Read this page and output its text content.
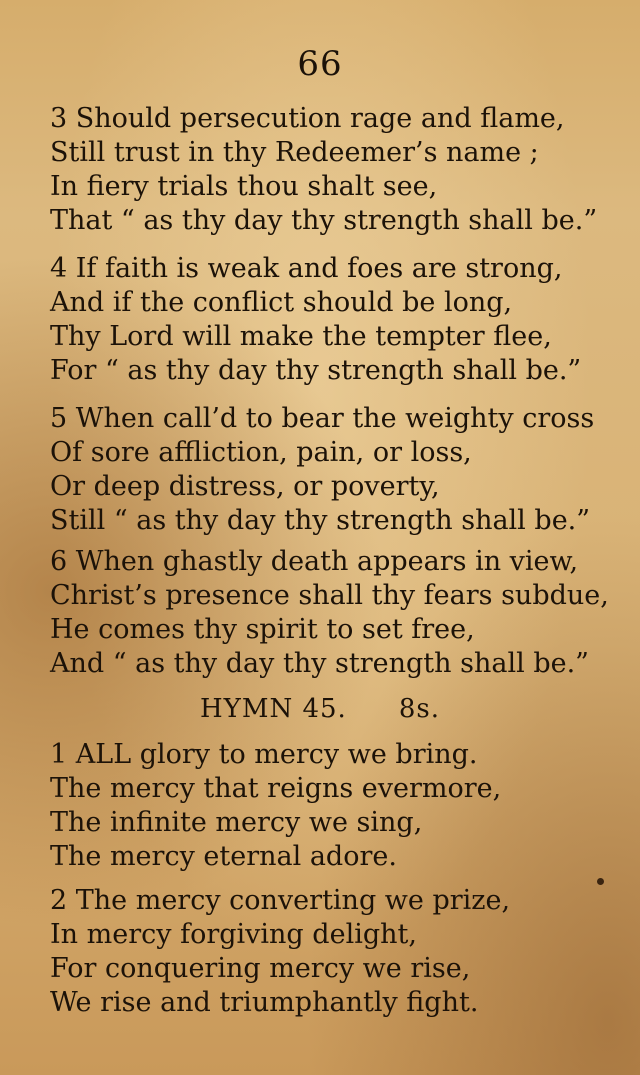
66
3 Should persecution rage and flame,
Still trust in thy Redeemer’s name ;
In fiery trials thou shalt see,
That “ as thy day thy strength shall be.”
4 If faith is weak and foes are strong,
And if the conflict should be long,
Thy Lord will make the tempter flee,
For “ as thy day thy strength shall be.”
5 When call’d to bear the weighty cross
Of sore affliction, pain, or loss,
Or deep distress, or poverty,
Still “ as thy day thy strength shall be.”
6 When ghastly death appears in view,
Christ’s presence shall thy fears subdue,
He comes thy spirit to set free,
And “ as thy day thy strength shall be.”
HYMN 45. 8s.
1 ALL glory to mercy we bring.
The mercy that reigns evermore,
The infinite mercy we sing,
The mercy eternal adore.
2 The mercy converting we prize,
In mercy forgiving delight,
For conquering mercy we rise,
We rise and triumphantly fight.
